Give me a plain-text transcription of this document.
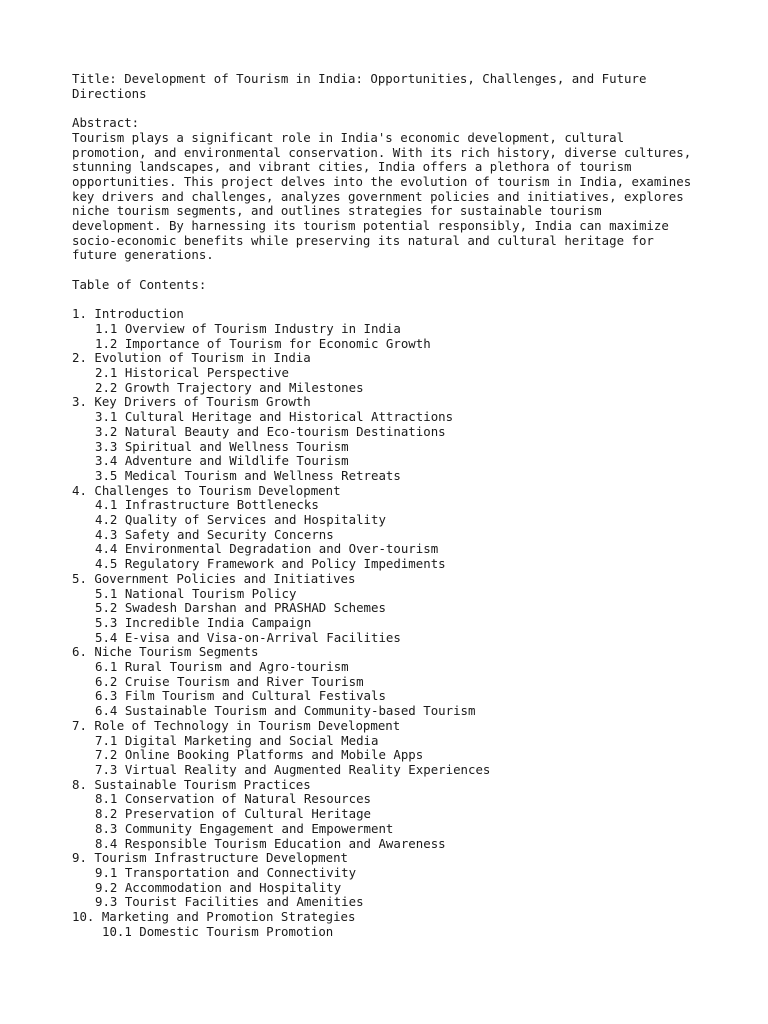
Title: Development of Tourism in India: Opportunities, Challenges, and Future

Directions

Abstract:

Tourism plays a significant role in India's economic development, cultural

promotion, and environmental conservation. With its rich history, diverse cultures,

stunning landscapes, and vibrant cities, India offers a plethora of tourism

opportunities. This project delves into the evolution of tourism in India, examines

key drivers and challenges, analyzes government policies and initiatives, explores

niche tourism segments, and outlines strategies for sustainable tourism

development. By harnessing its tourism potential responsibly, India can maximize

socio-economic benefits while preserving its natural and cultural heritage for

future generations.

Table of Contents:

1. Introduction

1.1 Overview of Tourism Industry in India

1.2 Importance of Tourism for Economic Growth

2. Evolution of Tourism in India

2.1 Historical Perspective

2.2 Growth Trajectory and Milestones

3. Key Drivers of Tourism Growth

3.1 Cultural Heritage and Historical Attractions

3.2 Natural Beauty and Eco-tourism Destinations

3.3 Spiritual and Wellness Tourism

3.4 Adventure and Wildlife Tourism

3.5 Medical Tourism and Wellness Retreats

4. Challenges to Tourism Development

4.1 Infrastructure Bottlenecks

4.2 Quality of Services and Hospitality

4.3 Safety and Security Concerns

4.4 Environmental Degradation and Over-tourism

4.5 Regulatory Framework and Policy Impediments

5. Government Policies and Initiatives

5.1 National Tourism Policy

5.2 Swadesh Darshan and PRASHAD Schemes

5.3 Incredible India Campaign

5.4 E-visa and Visa-on-Arrival Facilities

6. Niche Tourism Segments

6.1 Rural Tourism and Agro-tourism

6.2 Cruise Tourism and River Tourism

6.3 Film Tourism and Cultural Festivals

6.4 Sustainable Tourism and Community-based Tourism

7. Role of Technology in Tourism Development

7.1 Digital Marketing and Social Media

7.2 Online Booking Platforms and Mobile Apps

7.3 Virtual Reality and Augmented Reality Experiences

8. Sustainable Tourism Practices

8.1 Conservation of Natural Resources

8.2 Preservation of Cultural Heritage

8.3 Community Engagement and Empowerment

8.4 Responsible Tourism Education and Awareness

9. Tourism Infrastructure Development

9.1 Transportation and Connectivity

9.2 Accommodation and Hospitality

9.3 Tourist Facilities and Amenities

10. Marketing and Promotion Strategies

10.1 Domestic Tourism Promotion
